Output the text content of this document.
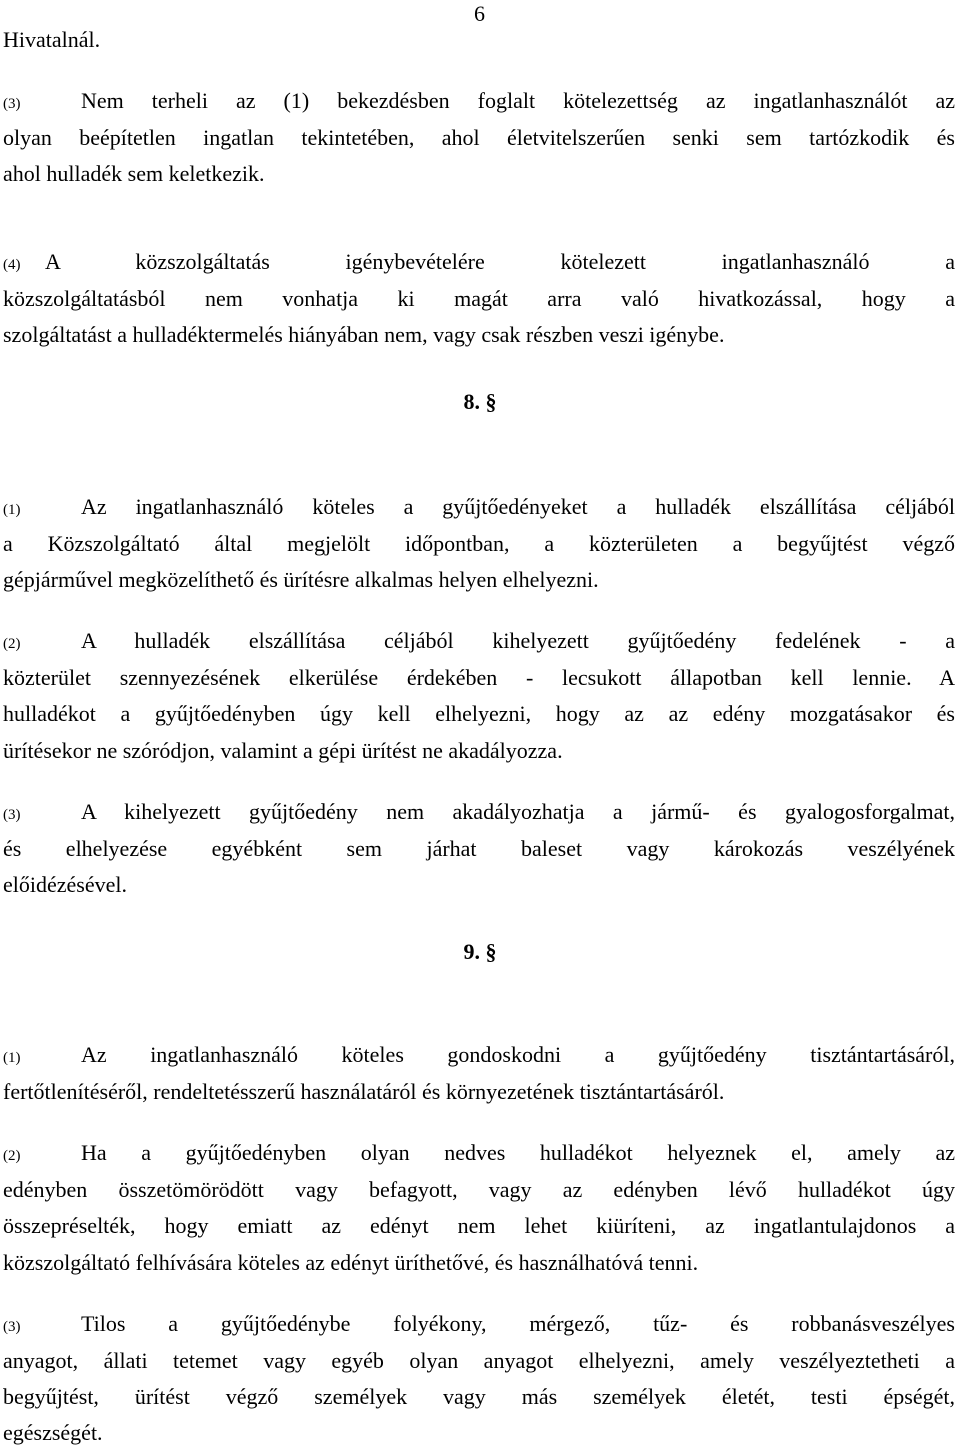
6
Hivatalnál.
(3)	Nem terheli az (1) bekezdésben foglalt kötelezettség az ingatlanhasználót az
olyan beépítetlen ingatlan tekintetében, ahol életvitelszerűen senki sem tartózkodik és
ahol hulladék sem keletkezik.
(4) A közszolgáltatás igénybevételére kötelezett ingatlanhasználó a
közszolgáltatásból nem vonhatja ki magát arra való hivatkozással, hogy a
szolgáltatást a hulladéktermelés hiányában nem, vagy csak részben veszi igénybe.
8. §
(1)	Az ingatlanhasználó köteles a gyűjtőedényeket a hulladék elszállítása céljából
a Közszolgáltató által megjelölt időpontban, a közterületen a begyűjtést végző
gépjárművel megközelíthető és ürítésre alkalmas helyen elhelyezni.
(2)	A hulladék elszállítása céljából kihelyezett gyűjtőedény fedelének - a
közterület szennyezésének elkerülése érdekében - lecsukott állapotban kell lennie. A
hulladékot a gyűjtőedényben úgy kell elhelyezni, hogy az az edény mozgatásakor és
ürítésekor ne szóródjon, valamint a gépi ürítést ne akadályozza.
(3)	A kihelyezett gyűjtőedény nem akadályozhatja a jármű- és gyalogosforgalmat,
és elhelyezése egyébként sem járhat baleset vagy károkozás veszélyének
előidézésével.
9. §
(1)	Az ingatlanhasználó köteles gondoskodni a gyűjtőedény tisztántartásáról,
fertőtlenítéséről, rendeltetésszerű használatáról és környezetének tisztántartásáról.
(2)	Ha a gyűjtőedényben olyan nedves hulladékot helyeznek el, amely az
edényben összetömörödött vagy befagyott, vagy az edényben lévő hulladékot úgy
összepréselték, hogy emiatt az edényt nem lehet kiüríteni, az ingatlantulajdonos a
közszolgáltató felhívására köteles az edényt üríthetővé, és használhatóvá tenni.
(3)	Tilos a gyűjtőedénybe folyékony, mérgező, tűz- és robbanásveszélyes
anyagot, állati tetemet vagy egyéb olyan anyagot elhelyezni, amely veszélyeztetheti a
begyűjtést, ürítést végző személyek vagy más személyek életét, testi épségét,
egészségét.
